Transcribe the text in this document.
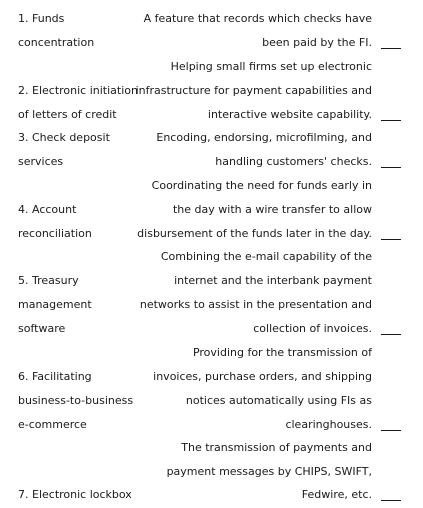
1. Funds
concentration
2. Electronic initiation
of letters of credit
3. Check deposit
services
4. Account
reconciliation
5. Treasury
management
software
6. Facilitating
business-to-business
e-commerce
7. Electronic lockbox
A feature that records which checks have
been paid by the FI.
Helping small firms set up electronic
infrastructure for payment capabilities and
interactive website capability.
Encoding, endorsing, microfilming, and
handling customers' checks.
Coordinating the need for funds early in
the day with a wire transfer to allow
disbursement of the funds later in the day.
Combining the e-mail capability of the
internet and the interbank payment
networks to assist in the presentation and
collection of invoices.
Providing for the transmission of
invoices, purchase orders, and shipping
notices automatically using FIs as
clearinghouses.
The transmission of payments and
payment messages by CHIPS, SWIFT,
Fedwire, etc.
